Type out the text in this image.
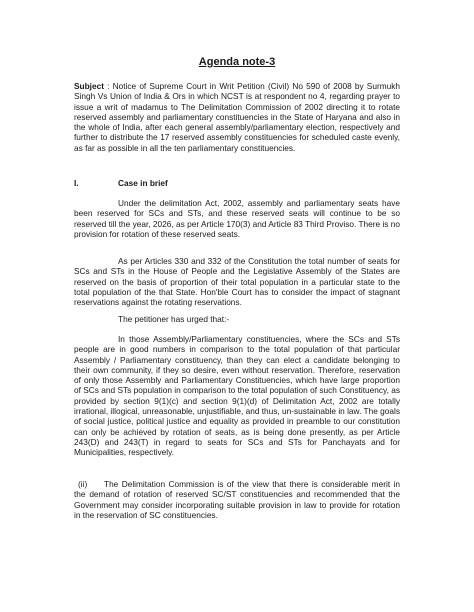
Agenda note-3
Subject : Notice of Supreme Court in Writ Petition (Civil) No 590 of 2008 by Surmukh Singh Vs Union of India & Ors in which NCST is at respondent no 4, regarding prayer to issue a writ of madamus to The Delimitation Commission of 2002 directing it to rotate reserved assembly and parliamentary constituencies in the State of Haryana and also in the whole of India, after each general assembly/parliamentary election, respectively and further to distribute the 17 reserved assembly constituencies for scheduled caste evenly, as far as possible in all the ten parliamentary constituencies.
I.	Case in brief
Under the delimitation Act, 2002, assembly and parliamentary seats have been reserved for SCs and STs, and these reserved seats will continue to be so reserved till the year, 2026, as per Article 170(3) and Article 83 Third Proviso. There is no provision for rotation of these reserved seats.
As per Articles 330 and 332 of the Constitution the total number of seats for SCs and STs in the House of People and the Legislative Assembly of the States are reserved on the basis of proportion of their total population in a particular state to the total population of the that State. Hon'ble Court has to consider the impact of stagnant reservations against the rotating reservations.
The petitioner has urged that:-
In those Assembly/Parliamentary constituencies, where the SCs and STs people are in good numbers in comparison to the total population of that particular Assembly / Parliamentary constituency, than they can elect a candidate belonging to their own community, if they so desire, even without reservation. Therefore, reservation of only those Assembly and Parliamentary Constituencies, which have large proportion of SCs and STs population in comparison to the total population of such Constituency, as provided by section 9(1)(c) and section 9(1)(d) of Delimitation Act, 2002 are totally irrational, illogical, unreasonable, unjustifiable, and thus, un-sustainable in law. The goals of social justice, political justice and equality as provided in preamble to our constitution can only be achieved by rotation of seats, as is being done presently, as per Article 243(D) and 243(T) in regard to seats for SCs and STs for Panchayats and for Municipalities, respectively.
(ii) The Delimitation Commission is of the view that there is considerable merit in the demand of rotation of reserved SC/ST constituencies and recommended that the Government may consider incorporating suitable provision in law to provide for rotation in the reservation of SC constituencies.
